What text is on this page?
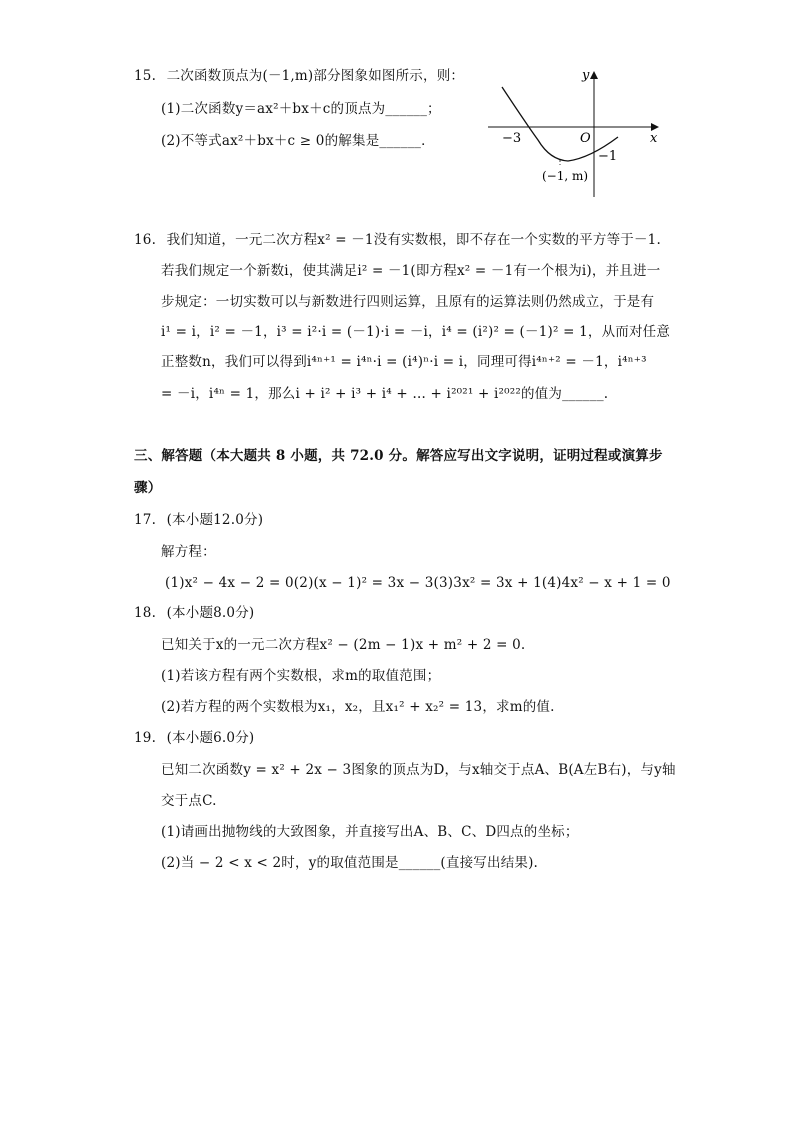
15. 二次函数顶点为(－1,m)部分图象如图所示，则：
(1)二次函数y＝ax²＋bx＋c的顶点为______；
(2)不等式ax²＋bx＋c ≥ 0的解集是______．
y
x
O
−3
−1
(−1, m)
16. 我们知道，一元二次方程x² = －1没有实数根，即不存在一个实数的平方等于－1.
若我们规定一个新数i，使其满足i² = －1(即方程x² = －1有一个根为i)，并且进一
步规定：一切实数可以与新数进行四则运算，且原有的运算法则仍然成立，于是有
i¹ = i，i² = －1，i³ = i²·i = (－1)·i = －i，i⁴ = (i²)² = (－1)² = 1，从而对任意
正整数n，我们可以得到i⁴ⁿ⁺¹ = i⁴ⁿ·i = (i⁴)ⁿ·i = i，同理可得i⁴ⁿ⁺² = －1，i⁴ⁿ⁺³
= －i，i⁴ⁿ = 1，那么i + i² + i³ + i⁴ + … + i²⁰²¹ + i²⁰²²的值为______.
三、解答题（本大题共 8 小题，共 72.0 分。解答应写出文字说明，证明过程或演算步
骤）
17. (本小题12.0分)
解方程：
(1)x² − 4x − 2 = 0(2)(x − 1)² = 3x − 3(3)3x² = 3x + 1(4)4x² − x + 1 = 0
18. (本小题8.0分)
已知关于x的一元二次方程x² − (2m − 1)x + m² + 2 = 0.
(1)若该方程有两个实数根，求m的取值范围；
(2)若方程的两个实数根为x₁，x₂，且x₁² + x₂² = 13，求m的值.
19. (本小题6.0分)
已知二次函数y = x² + 2x − 3图象的顶点为D，与x轴交于点A、B(A左B右)，与y轴
交于点C.
(1)请画出抛物线的大致图象，并直接写出A、B、C、D四点的坐标；
(2)当 − 2 < x < 2时，y的取值范围是______(直接写出结果).
